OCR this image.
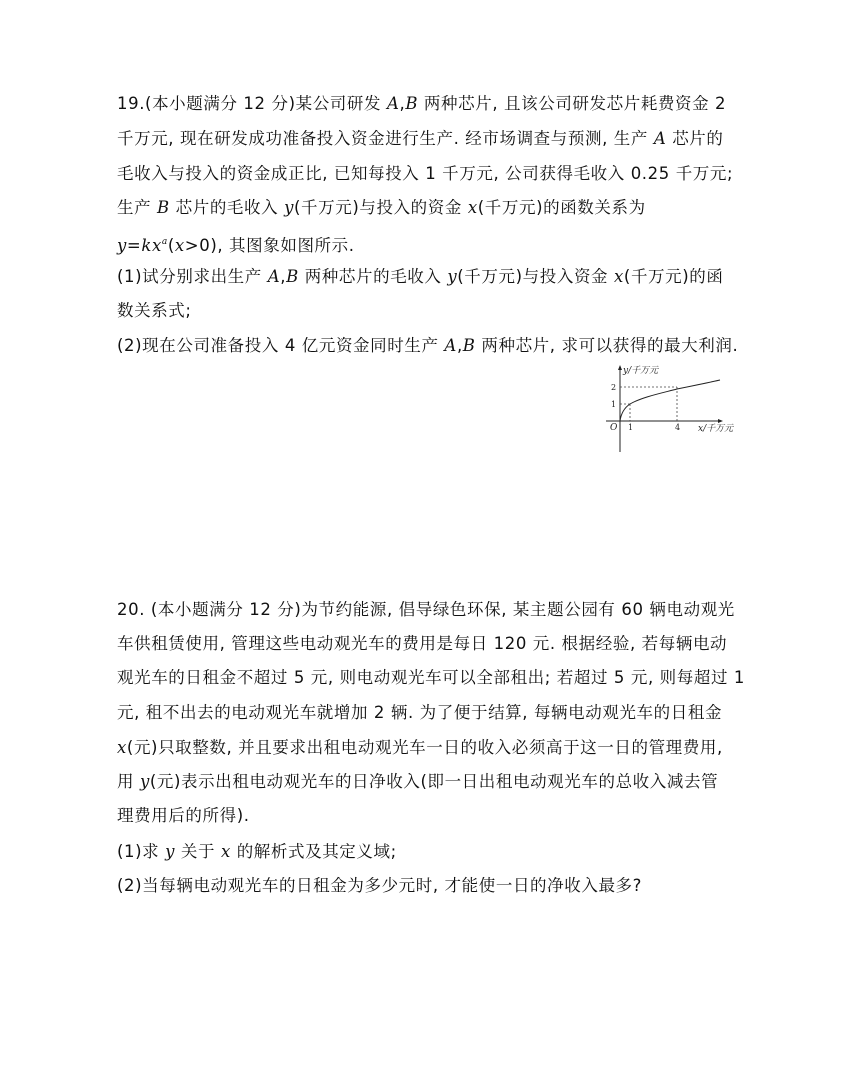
19.(本小题满分 12 分)某公司研发 A,B 两种芯片, 且该公司研发芯片耗费资金 2
千万元, 现在研发成功准备投入资金进行生产. 经市场调查与预测, 生产 A 芯片的
毛收入与投入的资金成正比, 已知每投入 1 千万元, 公司获得毛收入 0.25 千万元;
生产 B 芯片的毛收入 y(千万元)与投入的资金 x(千万元)的函数关系为
$y=kx^a(x>0)$, 其图象如图所示.
(1)试分别求出生产 A,B 两种芯片的毛收入 y(千万元)与投入资金 x(千万元)的函
数关系式;
(2)现在公司准备投入 4 亿元资金同时生产 A,B 两种芯片, 求可以获得的最大利润.
y/千万元
x/千万元
O 1	4
1
2
20. (本小题满分 12 分)为节约能源, 倡导绿色环保, 某主题公园有 60 辆电动观光
车供租赁使用, 管理这些电动观光车的费用是每日 120 元. 根据经验, 若每辆电动
观光车的日租金不超过 5 元, 则电动观光车可以全部租出; 若超过 5 元, 则每超过 1
元, 租不出去的电动观光车就增加 2 辆. 为了便于结算, 每辆电动观光车的日租金
x(元)只取整数, 并且要求出租电动观光车一日的收入必须高于这一日的管理费用,
用 y(元)表示出租电动观光车的日净收入(即一日出租电动观光车的总收入减去管
理费用后的所得).
(1)求 y 关于 x 的解析式及其定义域;
(2)当每辆电动观光车的日租金为多少元时, 才能使一日的净收入最多?
